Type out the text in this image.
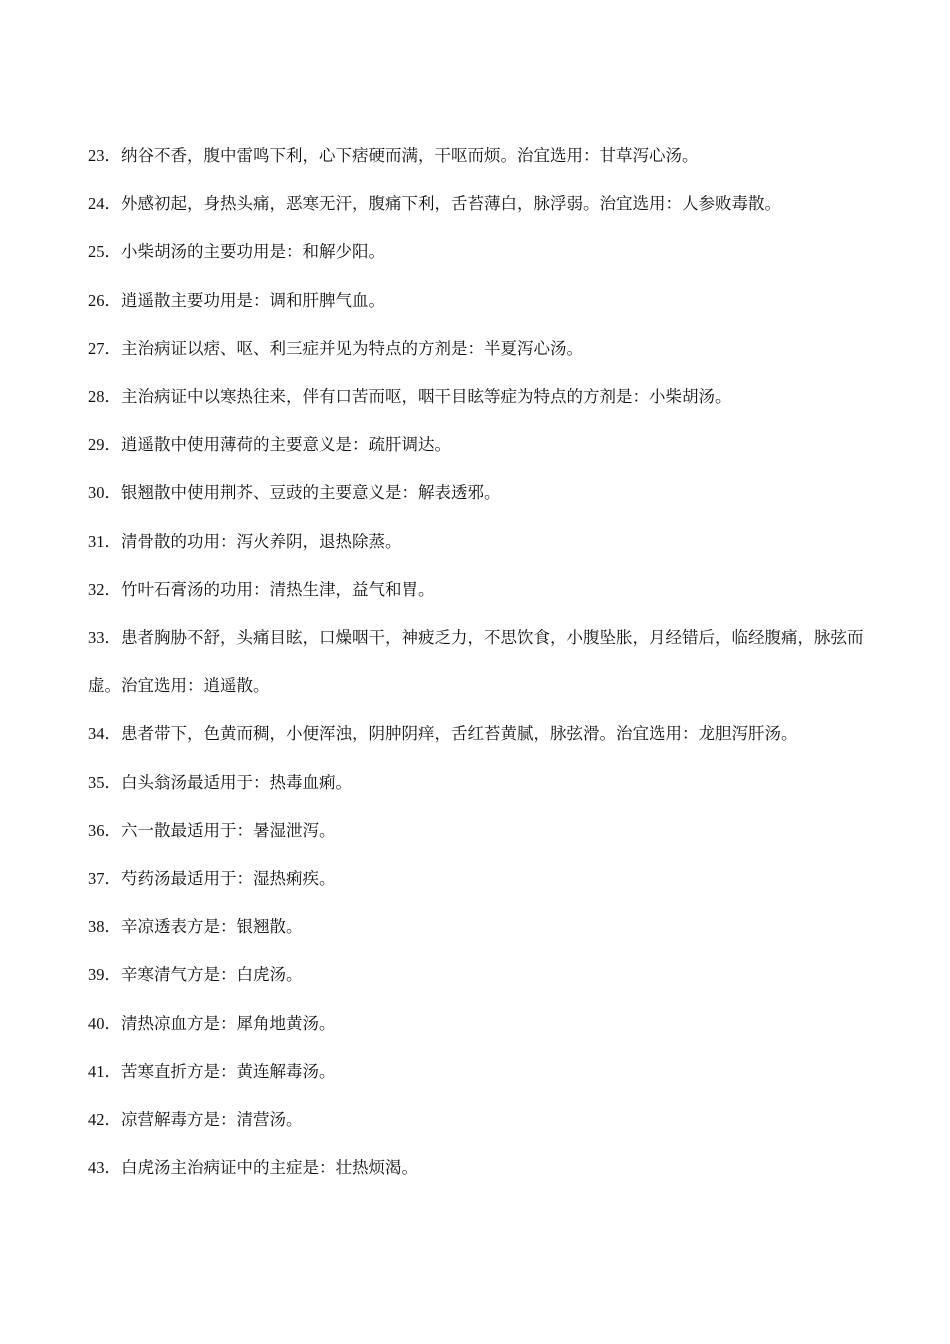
23．纳谷不香，腹中雷鸣下利，心下痞硬而满，干呕而烦。治宜选用：甘草泻心汤。

24．外感初起，身热头痛，恶寒无汗，腹痛下利，舌苔薄白，脉浮弱。治宜选用：人参败毒散。

25．小柴胡汤的主要功用是：和解少阳。

26．逍遥散主要功用是：调和肝脾气血。

27．主治病证以痞、呕、利三症并见为特点的方剂是：半夏泻心汤。

28．主治病证中以寒热往来，伴有口苦而呕，咽干目眩等症为特点的方剂是：小柴胡汤。

29．逍遥散中使用薄荷的主要意义是：疏肝调达。

30．银翘散中使用荆芥、豆豉的主要意义是：解表透邪。

31．清骨散的功用：泻火养阴，退热除蒸。

32．竹叶石膏汤的功用：清热生津，益气和胃。

33．患者胸胁不舒，头痛目眩，口燥咽干，神疲乏力，不思饮食，小腹坠胀，月经错后，临经腹痛，脉弦而虚。治宜选用：逍遥散。

34．患者带下，色黄而稠，小便浑浊，阴肿阴痒，舌红苔黄腻，脉弦滑。治宜选用：龙胆泻肝汤。

35．白头翁汤最适用于：热毒血痢。

36．六一散最适用于：暑湿泄泻。

37．芍药汤最适用于：湿热痢疾。

38．辛凉透表方是：银翘散。

39．辛寒清气方是：白虎汤。

40．清热凉血方是：犀角地黄汤。

41．苦寒直折方是：黄连解毒汤。

42．凉营解毒方是：清营汤。

43．白虎汤主治病证中的主症是：壮热烦渴。
